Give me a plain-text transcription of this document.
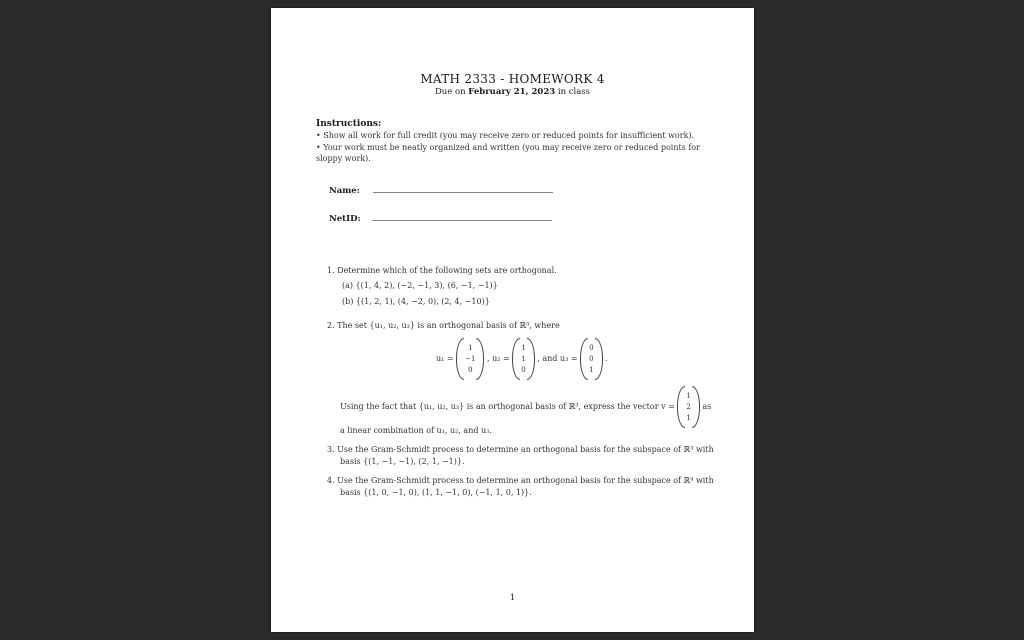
MATH 2333 - HOMEWORK 4
Due on February 21, 2023 in class
Instructions:
• Show all work for full credit (you may receive zero or reduced points for insufficient work).
• Your work must be neatly organized and written (you may receive zero or reduced points for
sloppy work).
Name:
NetID:
1. Determine which of the following sets are orthogonal.
(a) {(1, 4, 2), (−2, −1, 3), (6, −1, −1)}
(b) {(1, 2, 1), (4, −2, 0), (2, 4, −10)}
2. The set {u₁, u₂, u₃} is an orthogonal basis of ℝ³, where
u₁ =
1
−1
0
, u₂ =
1
1
0
, and u₃ =
0
0
1
.
Using the fact that {u₁, u₂, u₃} is an orthogonal basis of ℝ³, express the vector v =
1
2
1
as
a linear combination of u₁, u₂, and u₃.
3. Use the Gram-Schmidt process to determine an orthogonal basis for the subspace of ℝ³ with
basis {(1, −1, −1), (2, 1, −1)}.
4. Use the Gram-Schmidt process to determine an orthogonal basis for the subspace of ℝ⁴ with
basis {(1, 0, −1, 0), (1, 1, −1, 0), (−1, 1, 0, 1)}.
1
